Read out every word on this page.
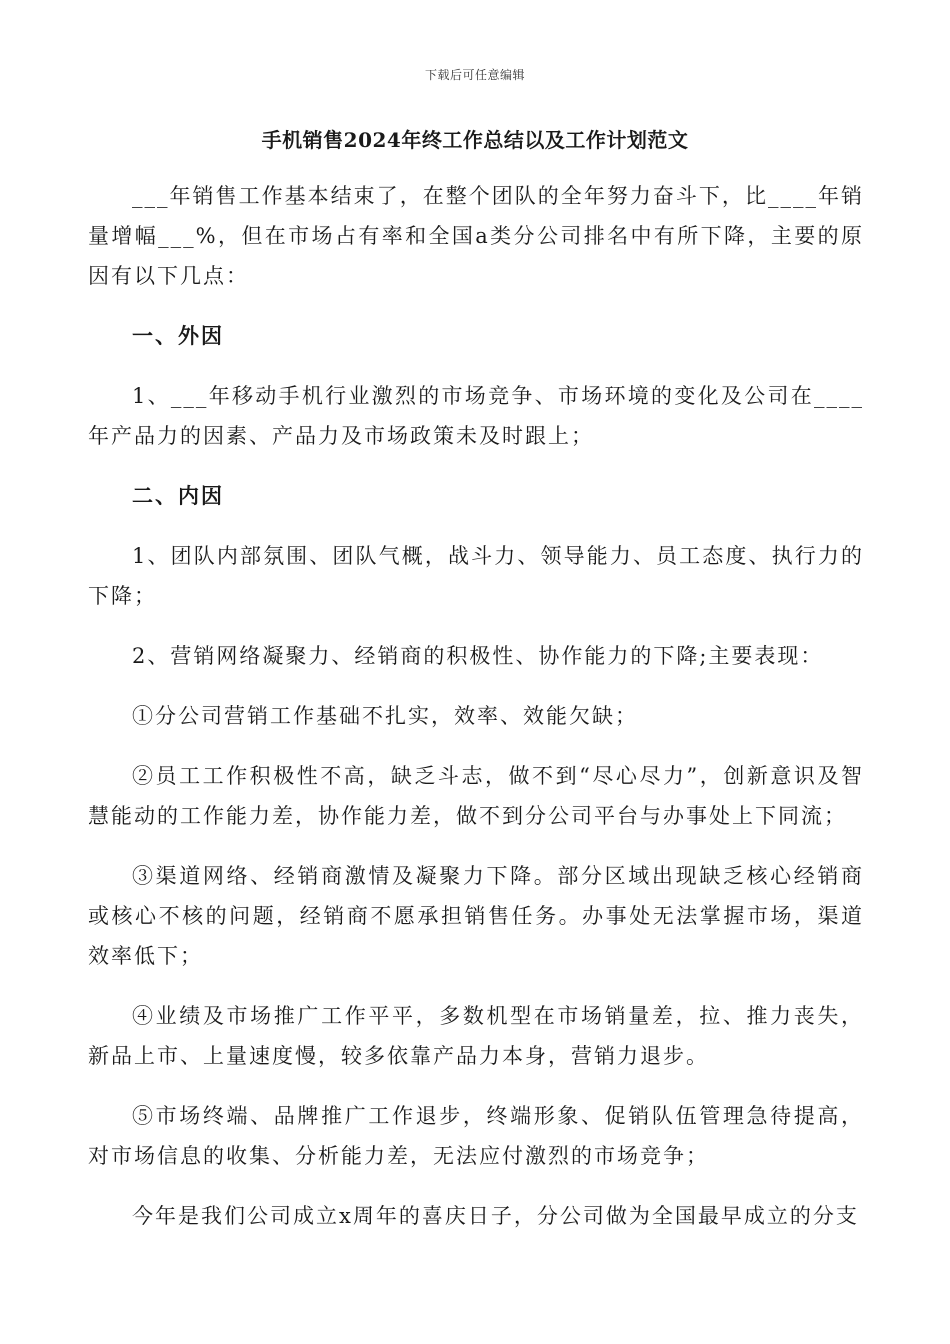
下载后可任意编辑
手机销售2024年终工作总结以及工作计划范文

___年销售工作基本结束了，在整个团队的全年努力奋斗下，比____年销量增幅___%，但在市场占有率和全国a类分公司排名中有所下降，主要的原因有以下几点：

一、外因

1、___年移动手机行业激烈的市场竞争、市场环境的变化及公司在____年产品力的因素、产品力及市场政策未及时跟上；

二、内因

1、团队内部氛围、团队气概，战斗力、领导能力、员工态度、执行力的下降；

2、营销网络凝聚力、经销商的积极性、协作能力的下降;主要表现：

①分公司营销工作基础不扎实，效率、效能欠缺；

②员工工作积极性不高，缺乏斗志，做不到“尽心尽力”，创新意识及智慧能动的工作能力差，协作能力差，做不到分公司平台与办事处上下同流；

③渠道网络、经销商激情及凝聚力下降。部分区域出现缺乏核心经销商或核心不核的问题，经销商不愿承担销售任务。办事处无法掌握市场，渠道效率低下；

④业绩及市场推广工作平平，多数机型在市场销量差，拉、推力丧失，新品上市、上量速度慢，较多依靠产品力本身，营销力退步。

⑤市场终端、品牌推广工作退步，终端形象、促销队伍管理急待提高，对市场信息的收集、分析能力差，无法应付激烈的市场竞争；

今年是我们公司成立x周年的喜庆日子，分公司做为全国最早成立的分支
